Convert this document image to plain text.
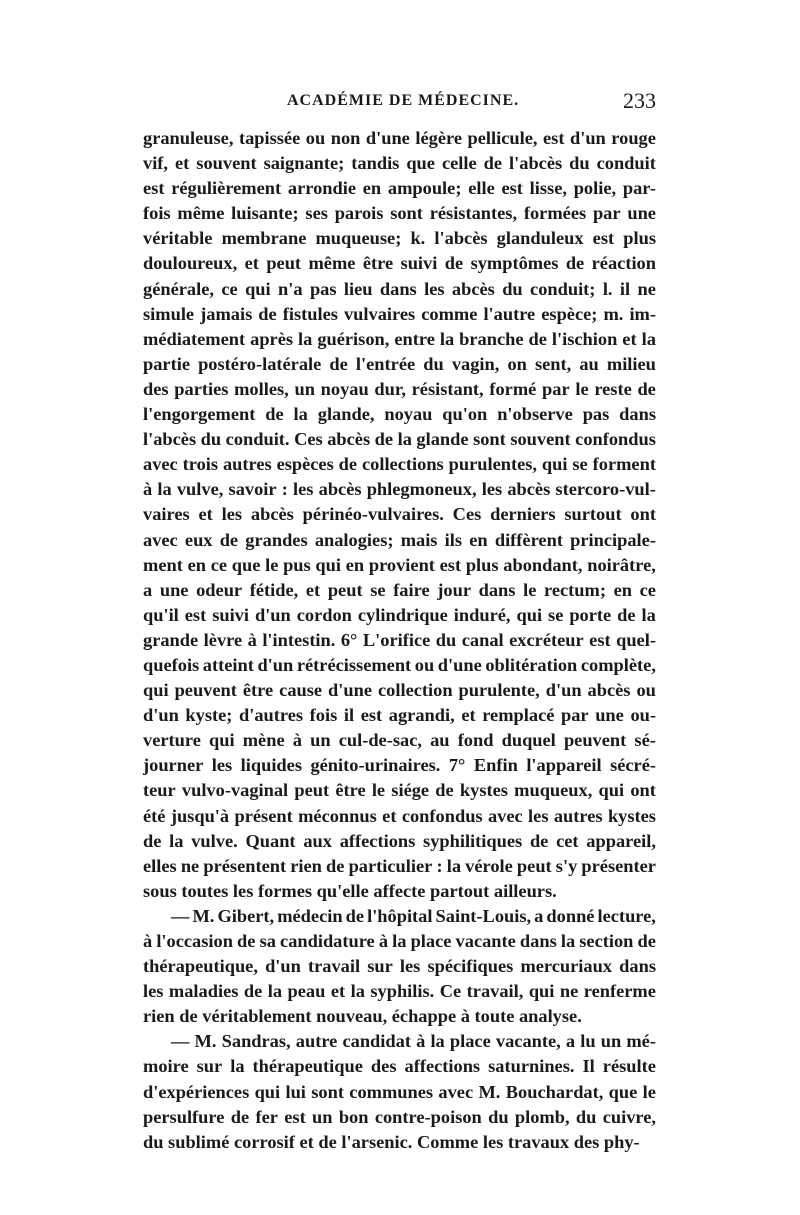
ACADÉMIE DE MÉDECINE.	233
granuleuse, tapissée ou non d'une légère pellicule, est d'un rouge
vif, et souvent saignante; tandis que celle de l'abcès du conduit
est régulièrement arrondie en ampoule; elle est lisse, polie, par-
fois même luisante; ses parois sont résistantes, formées par une
véritable membrane muqueuse; k. l'abcès glanduleux est plus
douloureux, et peut même être suivi de symptômes de réaction
générale, ce qui n'a pas lieu dans les abcès du conduit; l. il ne
simule jamais de fistules vulvaires comme l'autre espèce; m. im-
médiatement après la guérison, entre la branche de l'ischion et la
partie postéro-latérale de l'entrée du vagin, on sent, au milieu
des parties molles, un noyau dur, résistant, formé par le reste de
l'engorgement de la glande, noyau qu'on n'observe pas dans
l'abcès du conduit. Ces abcès de la glande sont souvent confondus
avec trois autres espèces de collections purulentes, qui se forment
à la vulve, savoir : les abcès phlegmoneux, les abcès stercoro-vul-
vaires et les abcès périnéo-vulvaires. Ces derniers surtout ont
avec eux de grandes analogies; mais ils en diffèrent principale-
ment en ce que le pus qui en provient est plus abondant, noirâtre,
a une odeur fétide, et peut se faire jour dans le rectum; en ce
qu'il est suivi d'un cordon cylindrique induré, qui se porte de la
grande lèvre à l'intestin. 6° L'orifice du canal excréteur est quel-
quefois atteint d'un rétrécissement ou d'une oblitération complète,
qui peuvent être cause d'une collection purulente, d'un abcès ou
d'un kyste; d'autres fois il est agrandi, et remplacé par une ou-
verture qui mène à un cul-de-sac, au fond duquel peuvent sé-
journer les liquides génito-urinaires. 7° Enfin l'appareil sécré-
teur vulvo-vaginal peut être le siége de kystes muqueux, qui ont
été jusqu'à présent méconnus et confondus avec les autres kystes
de la vulve. Quant aux affections syphilitiques de cet appareil,
elles ne présentent rien de particulier : la vérole peut s'y présenter
sous toutes les formes qu'elle affecte partout ailleurs.
— M. Gibert, médecin de l'hôpital Saint-Louis, a donné lecture,
à l'occasion de sa candidature à la place vacante dans la section de
thérapeutique, d'un travail sur les spécifiques mercuriaux dans
les maladies de la peau et la syphilis. Ce travail, qui ne renferme
rien de véritablement nouveau, échappe à toute analyse.
— M. Sandras, autre candidat à la place vacante, a lu un mé-
moire sur la thérapeutique des affections saturnines. Il résulte
d'expériences qui lui sont communes avec M. Bouchardat, que le
persulfure de fer est un bon contre-poison du plomb, du cuivre,
du sublimé corrosif et de l'arsenic. Comme les travaux des phy-
